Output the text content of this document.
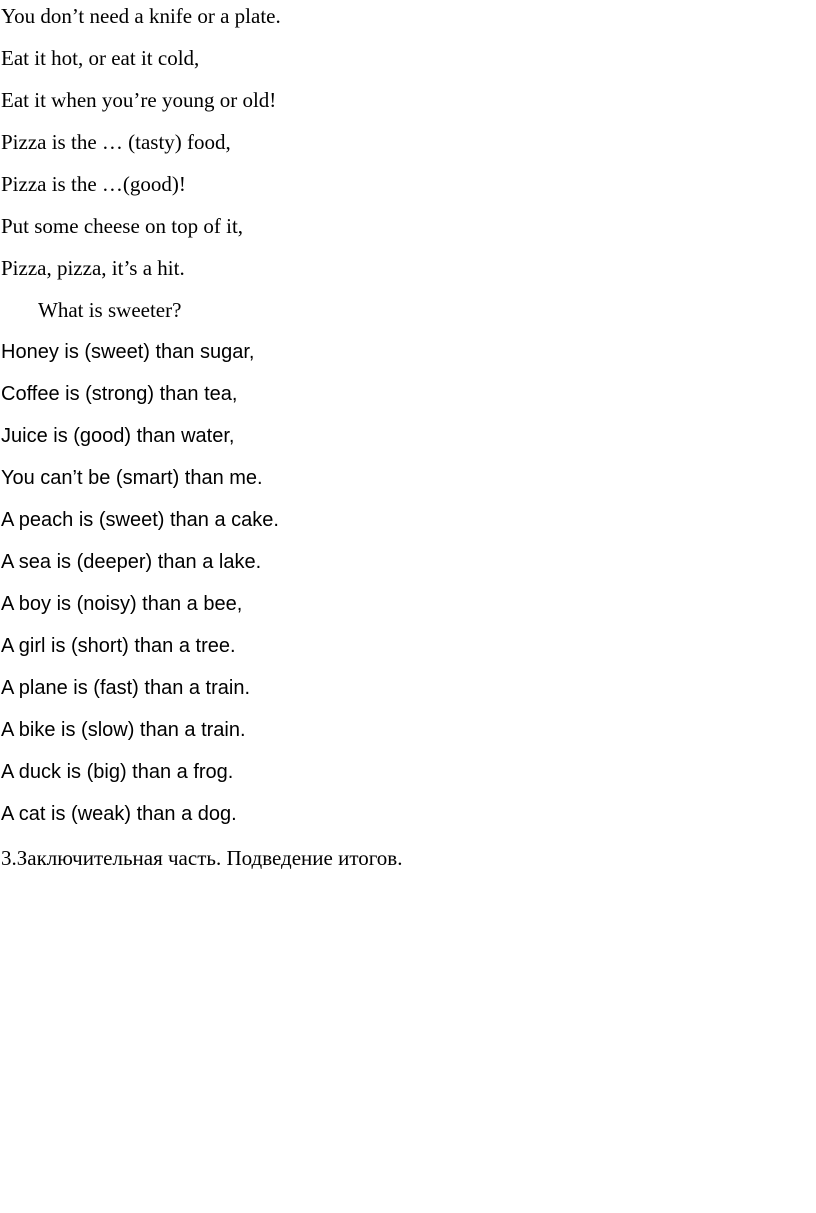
You don’t need a knife or a plate.
Eat it hot, or eat it cold,
Eat it when you’re young or old!
Pizza is the … (tasty) food,
Pizza is the …(good)!
Put some cheese on top of it,
Pizza, pizza, it’s a hit.
What is sweeter?
Honey is (sweet) than sugar,
Coffee is (strong) than tea,
Juice is (good) than water,
You can’t be (smart) than me.
A peach is (sweet) than a cake.
A sea is (deeper) than a lake.
A boy is (noisy) than a bee,
A girl is (short) than a tree.
A plane is (fast) than a train.
A bike is (slow) than a train.
A duck is (big) than a frog.
A cat is (weak) than a dog.
3.Заключительная часть. Подведение итогов.
